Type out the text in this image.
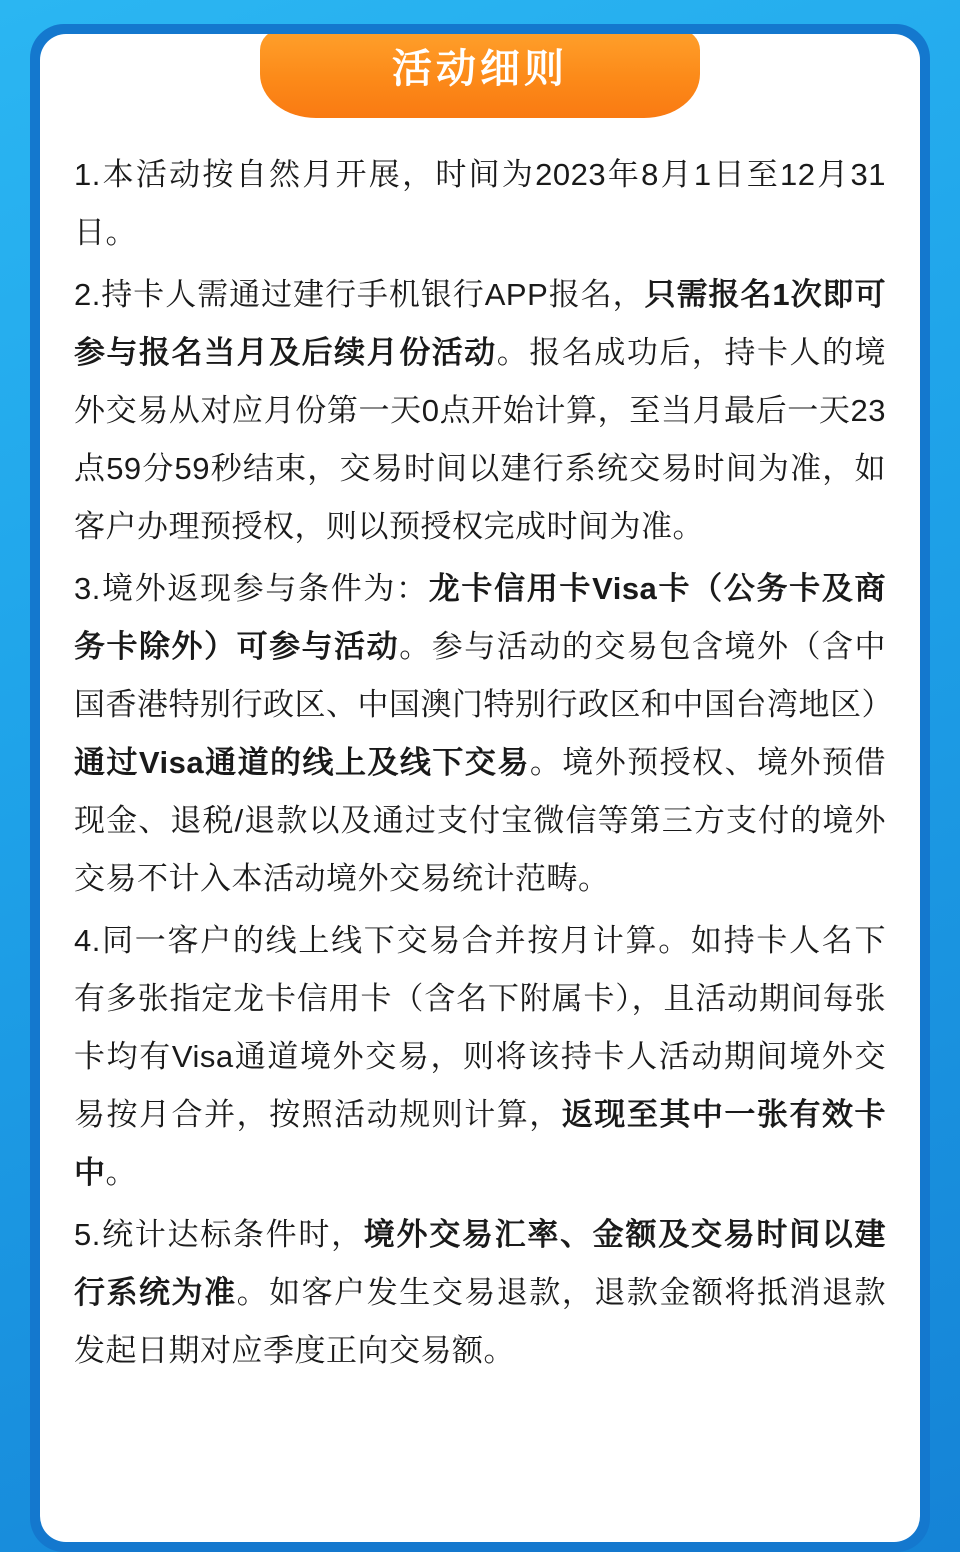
活动细则

1.本活动按自然月开展，时间为2023年8月1日至12月31日。

2.持卡人需通过建行手机银行APP报名，只需报名1次即可参与报名当月及后续月份活动。报名成功后，持卡人的境外交易从对应月份第一天0点开始计算，至当月最后一天23点59分59秒结束，交易时间以建行系统交易时间为准，如客户办理预授权，则以预授权完成时间为准。

3.境外返现参与条件为：龙卡信用卡Visa卡（公务卡及商务卡除外）可参与活动。参与活动的交易包含境外（含中国香港特别行政区、中国澳门特别行政区和中国台湾地区）通过Visa通道的线上及线下交易。境外预授权、境外预借现金、退税/退款以及通过支付宝微信等第三方支付的境外交易不计入本活动境外交易统计范畴。

4.同一客户的线上线下交易合并按月计算。如持卡人名下有多张指定龙卡信用卡（含名下附属卡），且活动期间每张卡均有Visa通道境外交易，则将该持卡人活动期间境外交易按月合并，按照活动规则计算，返现至其中一张有效卡中。

5.统计达标条件时，境外交易汇率、金额及交易时间以建行系统为准。如客户发生交易退款，退款金额将抵消退款发起日期对应季度正向交易额。
